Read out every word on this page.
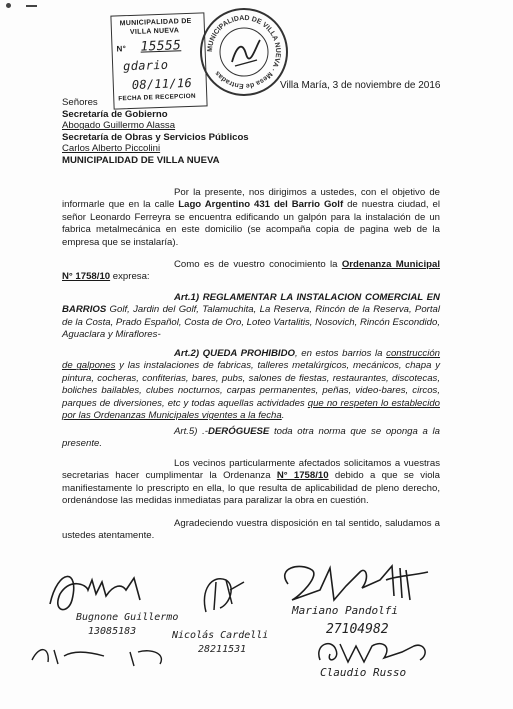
MUNICIPALIDAD DE
VILLA NUEVA
N° 15555
gdario
08/11/16
FECHA DE RECEPCION
MUNICIPALIDAD DE VILLA NUEVA · Mesa de Entradas
Villa María, 3 de noviembre de 2016
Señores
Secretaría de Gobierno
Abogado Guillermo Alassa
Secretaría de Obras y Servicios Públicos
Carlos Alberto Piccolini
MUNICIPALIDAD DE VILLA NUEVA
Por la presente, nos dirigimos a ustedes, con el objetivo de informarle que en la calle Lago Argentino 431 del Barrio Golf de nuestra ciudad, el señor Leonardo Ferreyra se encuentra edificando un galpón para la instalación de un fabrica metalmecánica en este domicilio (se acompaña copia de pagina web de la empresa que se instalaría).
Como es de vuestro conocimiento la Ordenanza Municipal N° 1758/10 expresa:
Art.1) REGLAMENTAR LA INSTALACION COMERCIAL EN BARRIOS Golf, Jardin del Golf, Talamuchita, La Reserva, Rincón de la Reserva, Portal de la Costa, Prado Español, Costa de Oro, Loteo Vartalitis, Nosovich, Rincón Escondido, Aguaclara y Miraflores-
Art.2) QUEDA PROHIBIDO, en estos barrios la construcción de galpones y las instalaciones de fabricas, talleres metalúrgicos, mecánicos, chapa y pintura, cocheras, confiterias, bares, pubs, salones de fiestas, restaurantes, discotecas, boliches bailables, clubes nocturnos, carpas permanentes, peñas, video-bares, circos, parques de diversiones, etc y todas aquellas actividades que no respeten lo establecido por las Ordenanzas Municipales vigentes a la fecha.
Art.5) .-DERÓGUESE toda otra norma que se oponga a la presente.
Los vecinos particularmente afectados solicitamos a vuestras secretarias hacer cumplimentar la Ordenanza N° 1758/10 debido a que se viola manifiestamente lo prescripto en ella, lo que resulta de aplicabilidad de pleno derecho, ordenándose las medidas inmediatas para paralizar la obra en cuestión.
Agradeciendo vuestra disposición en tal sentido, saludamos a ustedes atentamente.
Bugnone Guillermo
13085183	Nicolás Cardelli
28211531
Mariano Pandolfi
27104982
Claudio Russo
